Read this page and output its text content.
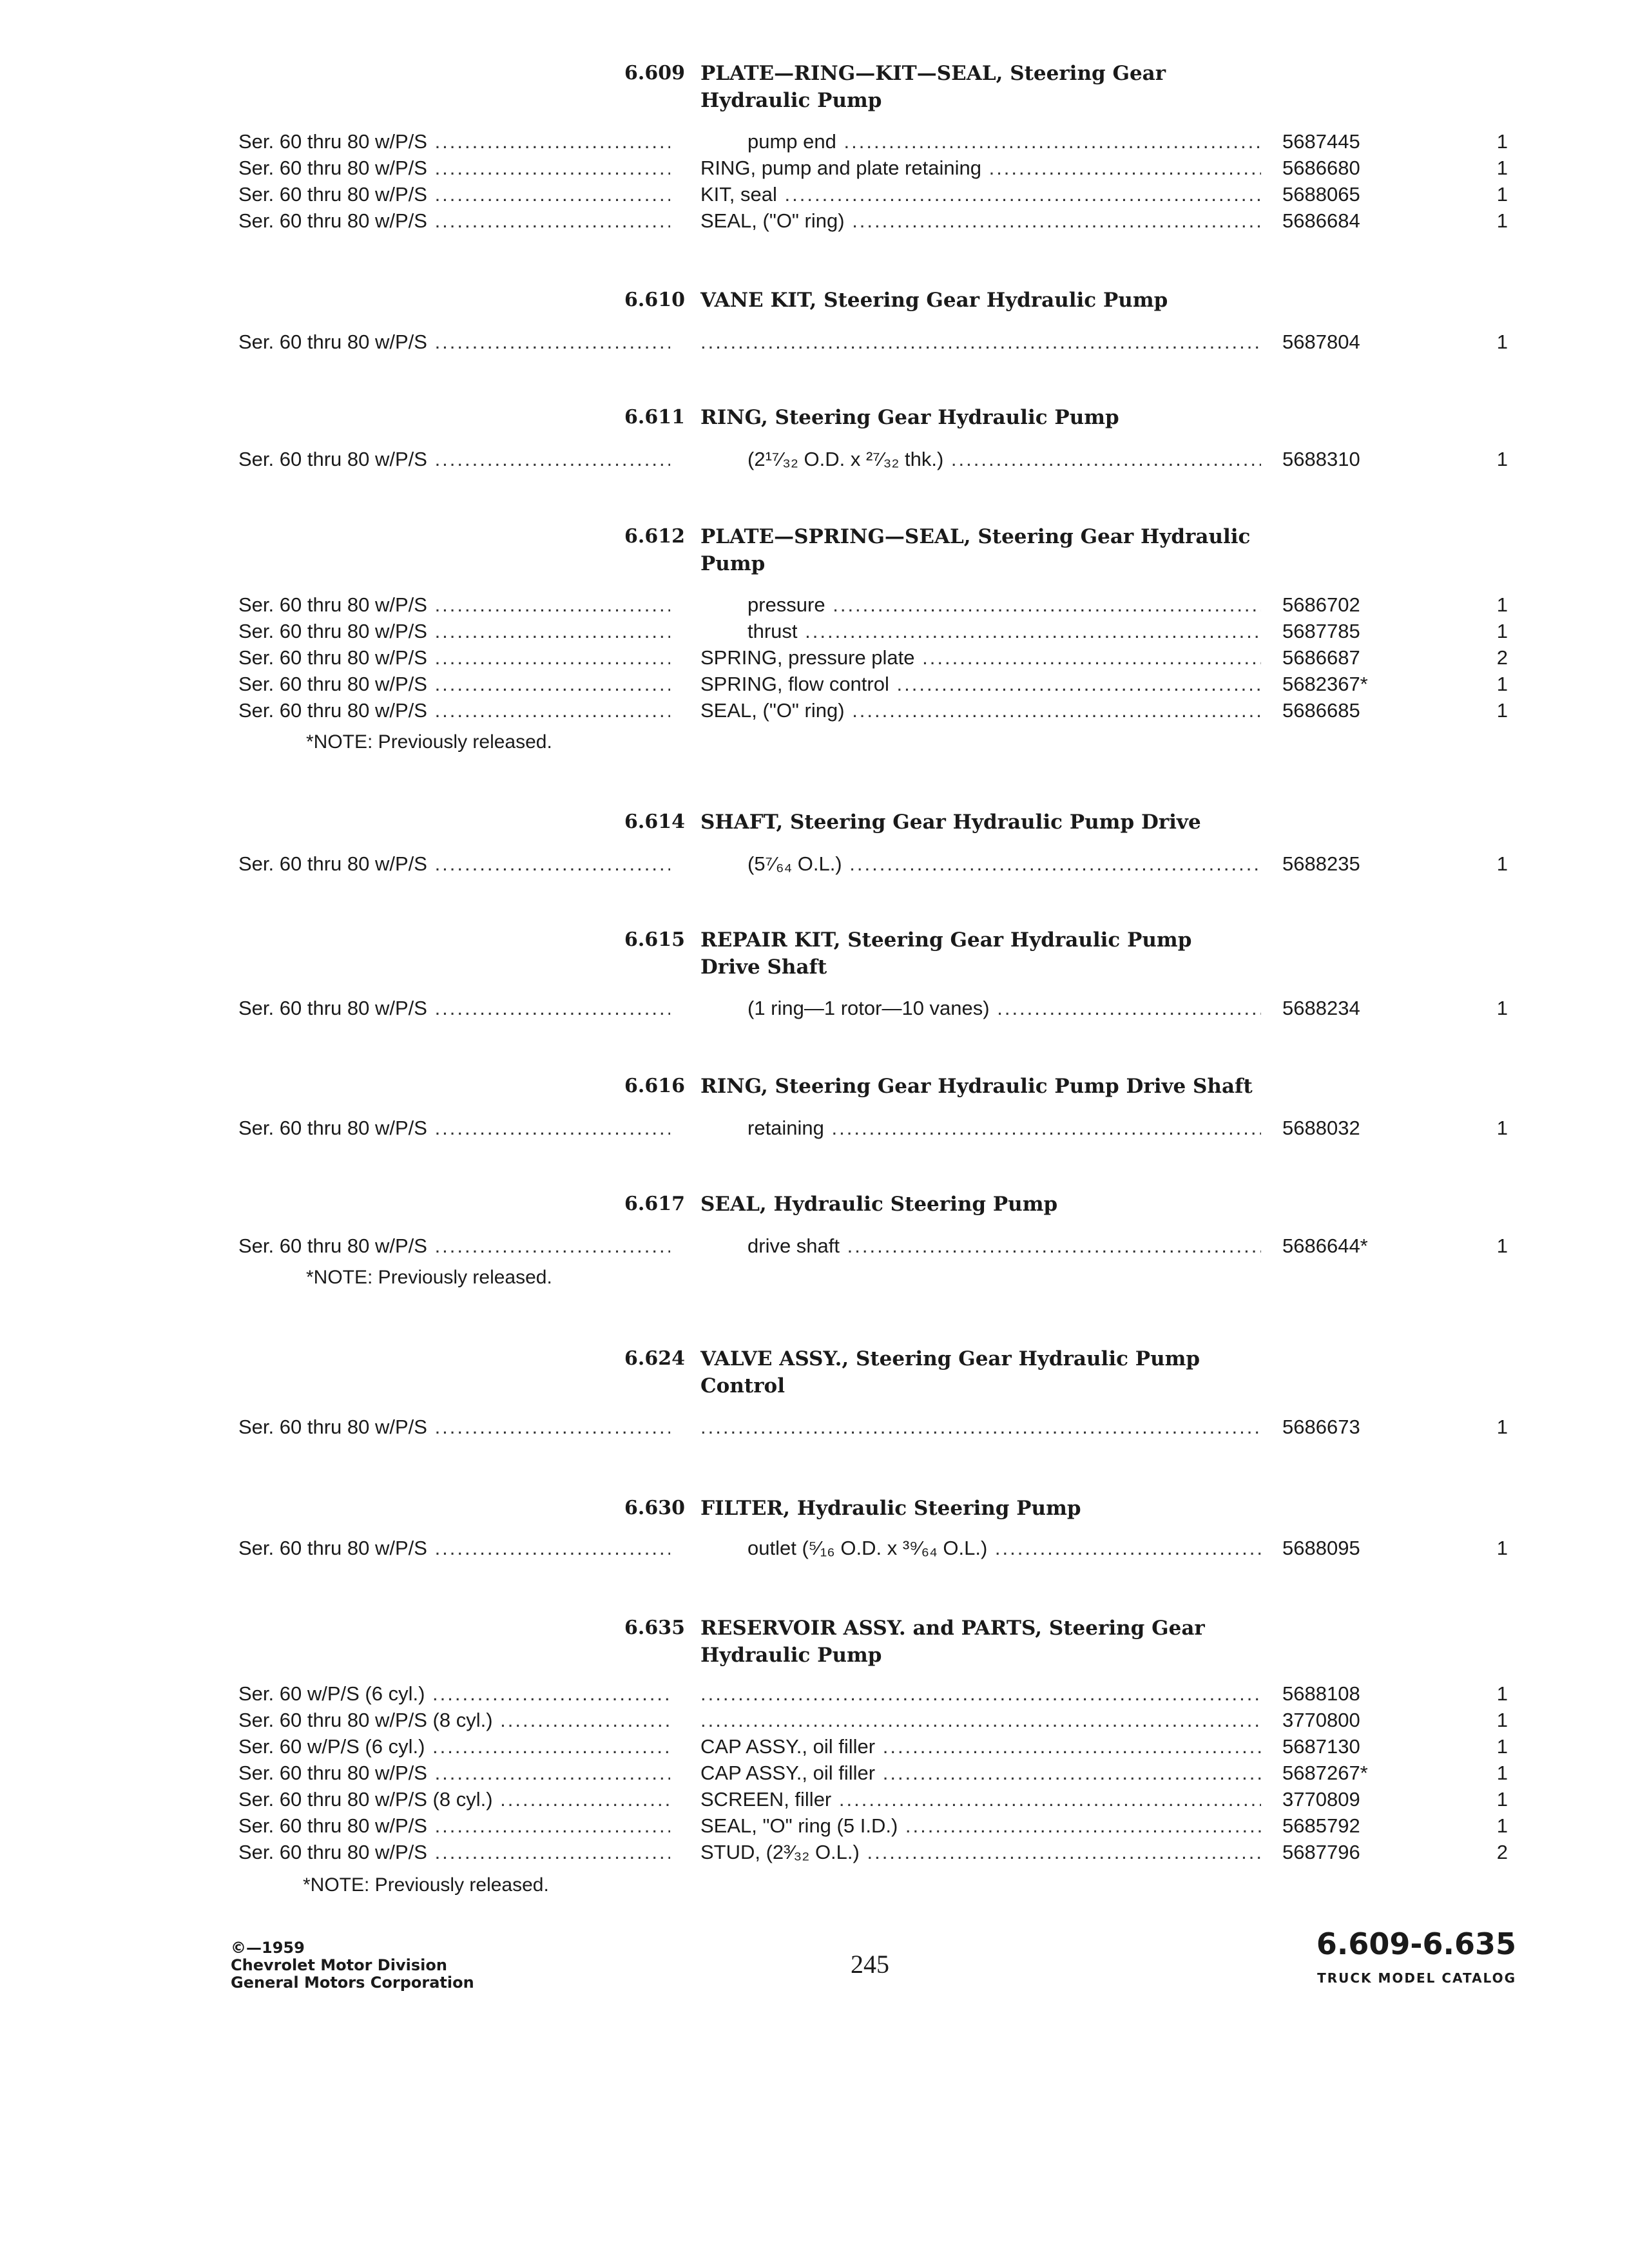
6.609 PLATE—RING—KIT—SEAL, Steering Gear Hydraulic Pump
Ser. 60 thru 80 w/P/S .....	pump end .....	5687445	1
Ser. 60 thru 80 w/P/S .....	RING, pump and plate retaining .....	5686680	1
Ser. 60 thru 80 w/P/S .....	KIT, seal .....	5688065	1
Ser. 60 thru 80 w/P/S .....	SEAL, ("O" ring) .....	5686684	1
6.610 VANE KIT, Steering Gear Hydraulic Pump
Ser. 60 thru 80 w/P/S ..... .....	5687804	1
6.611 RING, Steering Gear Hydraulic Pump
Ser. 60 thru 80 w/P/S .....	(2¹⁷⁄₃₂ O.D. x ²⁷⁄₃₂ thk.) .....	5688310	1
6.612 PLATE—SPRING—SEAL, Steering Gear Hydraulic Pump
Ser. 60 thru 80 w/P/S .....	pressure .....	5686702	1
Ser. 60 thru 80 w/P/S .....	thrust .....	5687785	1
Ser. 60 thru 80 w/P/S .....	SPRING, pressure plate .....	5686687	2
Ser. 60 thru 80 w/P/S .....	SPRING, flow control .....	5682367*	1
Ser. 60 thru 80 w/P/S .....	SEAL, ("O" ring) .....	5686685	1
*NOTE: Previously released.
6.614 SHAFT, Steering Gear Hydraulic Pump Drive
Ser. 60 thru 80 w/P/S .....	(5⁷⁄₆₄ O.L.) .....	5688235	1
6.615 REPAIR KIT, Steering Gear Hydraulic Pump Drive Shaft
Ser. 60 thru 80 w/P/S .....	(1 ring—1 rotor—10 vanes) .....	5688234	1
6.616 RING, Steering Gear Hydraulic Pump Drive Shaft
Ser. 60 thru 80 w/P/S .....	retaining .....	5688032	1
6.617 SEAL, Hydraulic Steering Pump
Ser. 60 thru 80 w/P/S .....	drive shaft .....	5686644*	1
*NOTE: Previously released.
6.624 VALVE ASSY., Steering Gear Hydraulic Pump Control
Ser. 60 thru 80 w/P/S ..... .....	5686673	1
6.630 FILTER, Hydraulic Steering Pump
Ser. 60 thru 80 w/P/S .....	outlet (⁵⁄₁₆ O.D. x ³⁹⁄₆₄ O.L.) .....	5688095	1
6.635 RESERVOIR ASSY. and PARTS, Steering Gear Hydraulic Pump
Ser. 60 w/P/S (6 cyl.) ..... .....	5688108	1
Ser. 60 thru 80 w/P/S (8 cyl.) ..... .....	3770800	1
Ser. 60 w/P/S (6 cyl.) .....	CAP ASSY., oil filler .....	5687130	1
Ser. 60 thru 80 w/P/S .....	CAP ASSY., oil filler .....	5687267*	1
Ser. 60 thru 80 w/P/S (8 cyl.) .....	SCREEN, filler .....	3770809	1
Ser. 60 thru 80 w/P/S .....	SEAL, "O" ring (5 I.D.) .....	5685792	1
Ser. 60 thru 80 w/P/S .....	STUD, (2³⁄₃₂ O.L.) .....	5687796	2
*NOTE: Previously released.
©—1959
Chevrolet Motor Division
General Motors Corporation
245
6.609-6.635
TRUCK MODEL CATALOG
